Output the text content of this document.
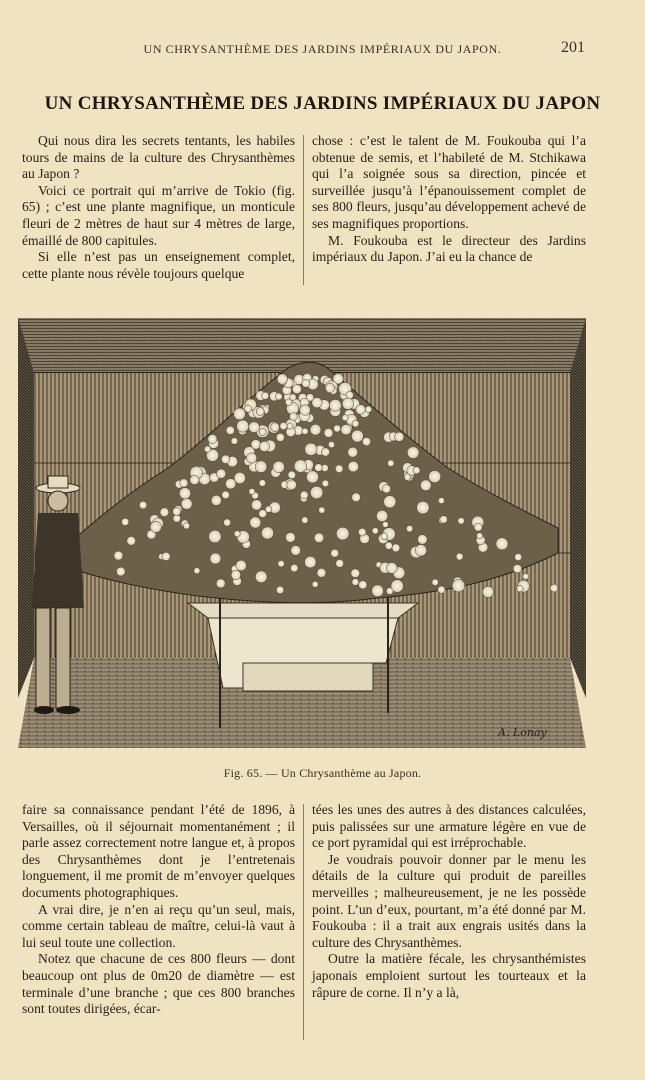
UN CHRYSANTHÈME DES JARDINS IMPÉRIAUX DU JAPON.	201
UN CHRYSANTHÈME DES JARDINS IMPÉRIAUX DU JAPON

Qui nous dira les secrets tentants, les habiles tours de mains de la culture des Chrysanthèmes au Japon ?

Voici ce portrait qui m’arrive de Tokio (fig. 65) ; c’est une plante magnifique, un monticule fleuri de 2 mètres de haut sur 4 mètres de large, émaillé de 800 capitules.

Si elle n’est pas un enseignement complet, cette plante nous révèle toujours quelque

chose : c’est le talent de M. Foukouba qui l’a obtenue de semis, et l’habileté de M. Stchikawa qui l’a soignée sous sa direction, pincée et surveillée jusqu’à l’épanouissement complet de ses 800 fleurs, jusqu’au développement achevé de ses magnifiques proportions.

M. Foukouba est le directeur des Jardins impériaux du Japon. J’ai eu la chance de

A. Lonay
Fig. 65. — Un Chrysanthème au Japon.

faire sa connaissance pendant l’été de 1896, à Versailles, où il séjournait momentanément ; il parle assez correctement notre langue et, à propos des Chrysanthèmes dont je l’entretenais longuement, il me promit de m’envoyer quelques documents photographiques.

A vrai dire, je n’en ai reçu qu’un seul, mais, comme certain tableau de maître, celui-là vaut à lui seul toute une collection.

Notez que chacune de ces 800 fleurs — dont beaucoup ont plus de 0m20 de diamètre — est terminale d’une branche ; que ces 800 branches sont toutes dirigées, écar-

tées les unes des autres à des distances calculées, puis palissées sur une armature légère en vue de ce port pyramidal qui est irréprochable.

Je voudrais pouvoir donner par le menu les détails de la culture qui produit de pareilles merveilles ; malheureusement, je ne les possède point. L’un d’eux, pourtant, m’a été donné par M. Foukouba : il a trait aux engrais usités dans la culture des Chrysanthèmes.

Outre la matière fécale, les chrysanthémistes japonais emploient surtout les tourteaux et la râpure de corne. Il n’y a là,
